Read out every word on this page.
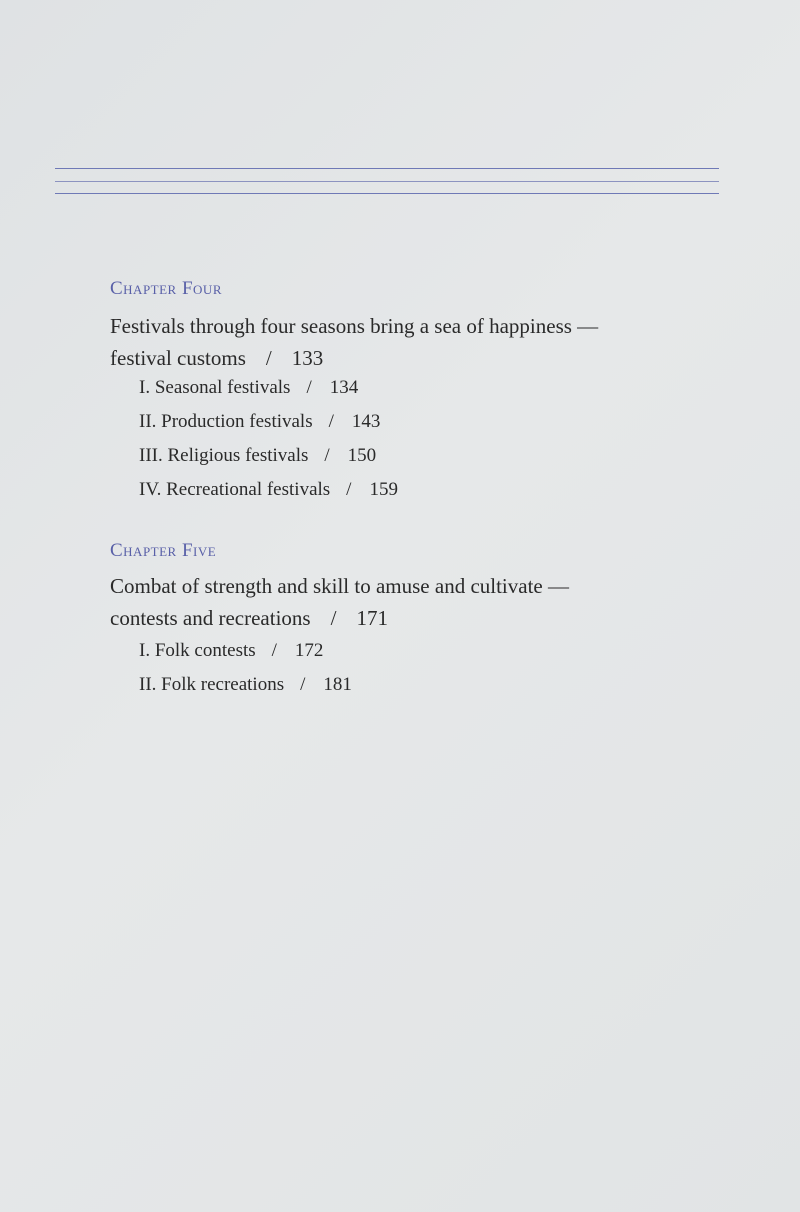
Chapter Four
Festivals through four seasons bring a sea of happiness —
festival customs / 133
I. Seasonal festivals / 134
II. Production festivals / 143
III. Religious festivals / 150
IV. Recreational festivals / 159
Chapter Five
Combat of strength and skill to amuse and cultivate —
contests and recreations / 171
I. Folk contests / 172
II. Folk recreations / 181
